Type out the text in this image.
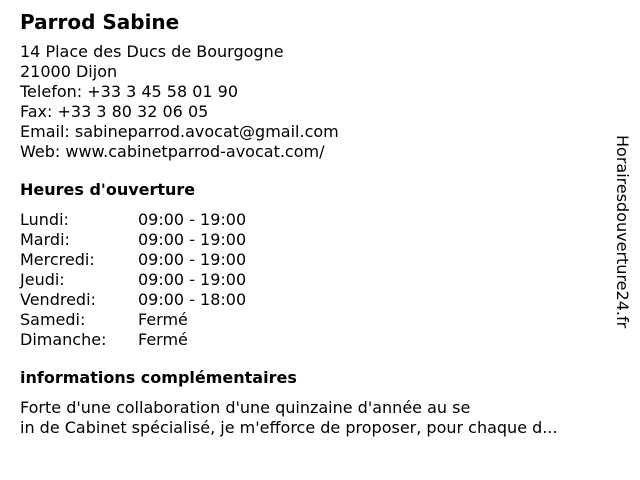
Parrod Sabine
14 Place des Ducs de Bourgogne
21000 Dijon
Telefon: +33 3 45 58 01 90
Fax: +33 3 80 32 06 05
Email: sabineparrod.avocat@gmail.com
Web: www.cabinetparrod-avocat.com/
Heures d'ouverture
Lundi:	09:00 - 19:00
Mardi:	09:00 - 19:00
Mercredi:	09:00 - 19:00
Jeudi:	09:00 - 19:00
Vendredi:	09:00 - 18:00
Samedi:	Fermé
Dimanche:	Fermé
informations complémentaires
Forte d'une collaboration d'une quinzaine d'année au se
in de Cabinet spécialisé, je m'efforce de proposer, pour chaque d...
Horairesdouverture24.fr
